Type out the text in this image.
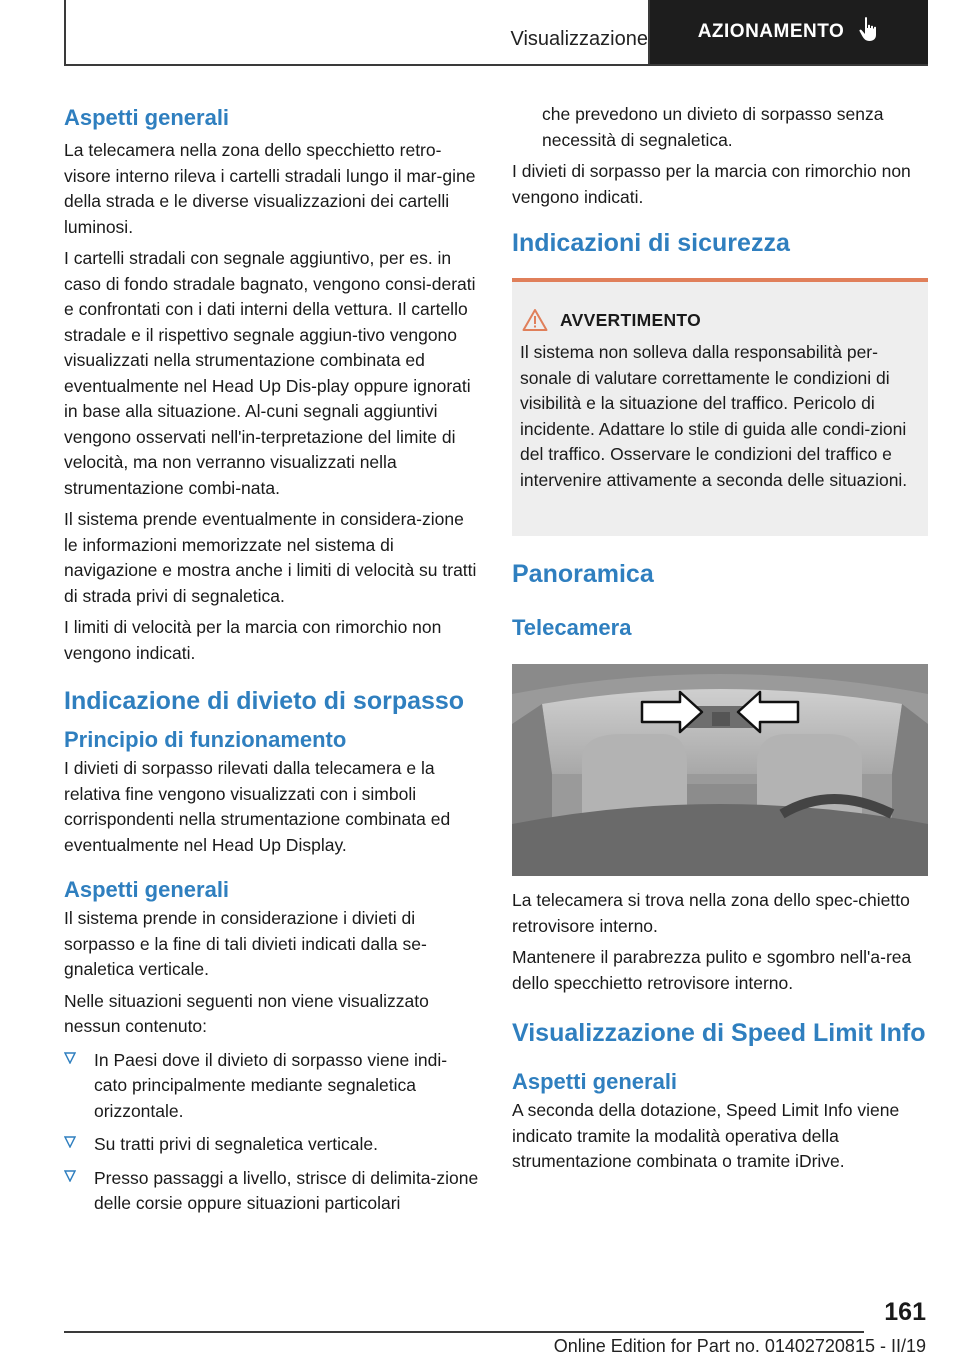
Visualizzazione	AZIONAMENTO
Aspetti generali

La telecamera nella zona dello specchietto retro-visore interno rileva i cartelli stradali lungo il mar-gine della strada e le diverse visualizzazioni dei cartelli luminosi.

I cartelli stradali con segnale aggiuntivo, per es. in caso di fondo stradale bagnato, vengono consi-derati e confrontati con i dati interni della vettura. Il cartello stradale e il rispettivo segnale aggiun-tivo vengono visualizzati nella strumentazione combinata ed eventualmente nel Head Up Dis-play oppure ignorati in base alla situazione. Al-cuni segnali aggiuntivi vengono osservati nell'in-terpretazione del limite di velocità, ma non verranno visualizzati nella strumentazione combi-nata.

Il sistema prende eventualmente in considera-zione le informazioni memorizzate nel sistema di navigazione e mostra anche i limiti di velocità su tratti di strada privi di segnaletica.

I limiti di velocità per la marcia con rimorchio non vengono indicati.

Indicazione di divieto di sorpasso
Principio di funzionamento

I divieti di sorpasso rilevati dalla telecamera e la relativa fine vengono visualizzati con i simboli corrispondenti nella strumentazione combinata ed eventualmente nel Head Up Display.

Aspetti generali

Il sistema prende in considerazione i divieti di sorpasso e la fine di tali divieti indicati dalla se-gnaletica verticale.

Nelle situazioni seguenti non viene visualizzato nessun contenuto:

In Paesi dove il divieto di sorpasso viene indi-cato principalmente mediante segnaletica orizzontale.
Su tratti privi di segnaletica verticale.
Presso passaggi a livello, strisce di delimita-zione delle corsie oppure situazioni particolari

che prevedono un divieto di sorpasso senza necessità di segnaletica.

I divieti di sorpasso per la marcia con rimorchio non vengono indicati.

Indicazioni di sicurezza
AVVERTIMENTO
Il sistema non solleva dalla responsabilità per-sonale di valutare correttamente le condizioni di visibilità e la situazione del traffico. Pericolo di incidente. Adattare lo stile di guida alle condi-zioni del traffico. Osservare le condizioni del traffico e intervenire attivamente a seconda delle situazioni.
Panoramica
Telecamera

La telecamera si trova nella zona dello spec-chietto retrovisore interno.

Mantenere il parabrezza pulito e sgombro nell'a-rea dello specchietto retrovisore interno.

Visualizzazione di Speed Limit Info
Aspetti generali

A seconda della dotazione, Speed Limit Info viene indicato tramite la modalità operativa della strumentazione combinata o tramite iDrive.

161
Online Edition for Part no. 01402720815 - II/19
